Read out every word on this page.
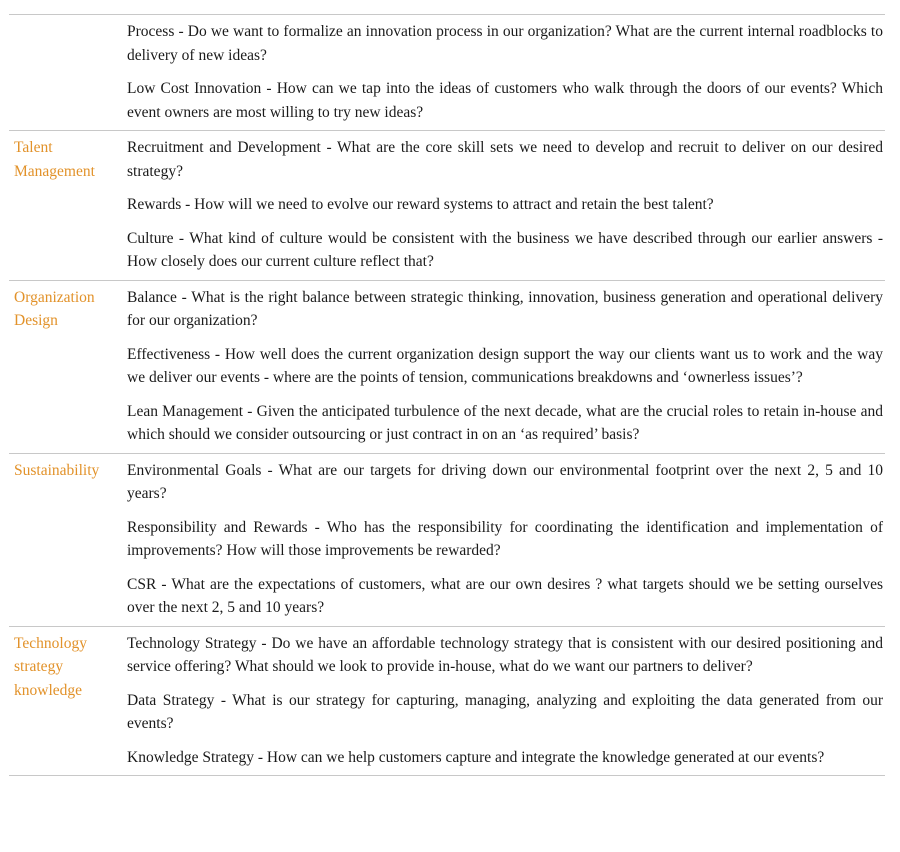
	Process - Do we want to formalize an innovation process in our organization? What are the current internal roadblocks to delivery of new ideas?

Low Cost Innovation - How can we tap into the ideas of customers who walk through the doors of our events? Which event owners are most willing to try new ideas?

Talent Management	Recruitment and Development - What are the core skill sets we need to develop and recruit to deliver on our desired strategy?

Rewards - How will we need to evolve our reward systems to attract and retain the best talent?

Culture - What kind of culture would be consistent with the business we have described through our earlier answers - How closely does our current culture reflect that?

Organization Design	Balance - What is the right balance between strategic thinking, innovation, business generation and operational delivery for our organization?

Effectiveness - How well does the current organization design support the way our clients want us to work and the way we deliver our events - where are the points of tension, communications breakdowns and ‘ownerless issues’?

Lean Management - Given the anticipated turbulence of the next decade, what are the crucial roles to retain in-house and which should we consider outsourcing or just contract in on an ‘as required’ basis?

Sustainability	Environmental Goals - What are our targets for driving down our environmental footprint over the next 2, 5 and 10 years?

Responsibility and Rewards - Who has the responsibility for coordinating the identification and implementation of improvements? How will those improvements be rewarded?

CSR - What are the expectations of customers, what are our own desires ? what targets should we be setting ourselves over the next 2, 5 and 10 years?

Technology strategy knowledge	Technology Strategy - Do we have an affordable technology strategy that is consistent with our desired positioning and service offering? What should we look to provide in-house, what do we want our partners to deliver?

Data Strategy - What is our strategy for capturing, managing, analyzing and exploiting the data generated from our events?

Knowledge Strategy - How can we help customers capture and integrate the knowledge generated at our events?
